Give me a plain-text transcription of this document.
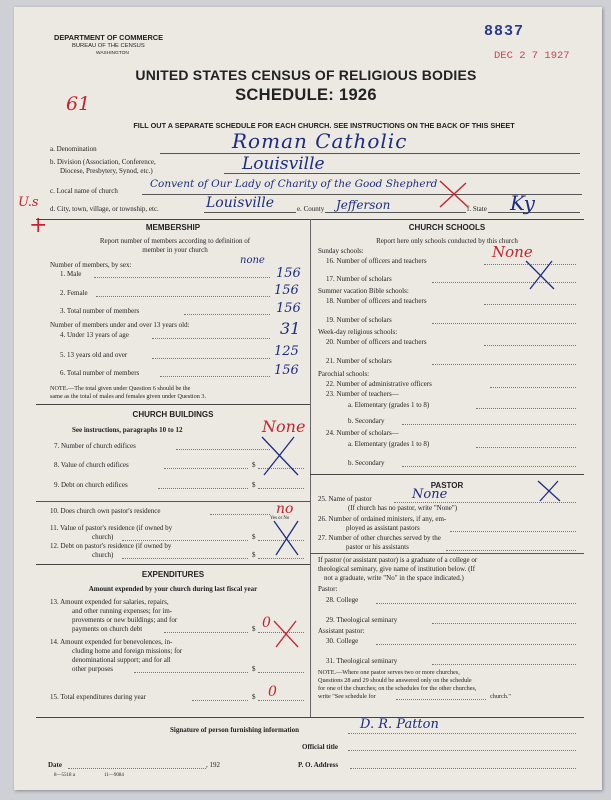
DEPARTMENT OF COMMERCE
BUREAU OF THE CENSUS
WASHINGTON
8837
DEC 2 7 1927
UNITED STATES CENSUS OF RELIGIOUS BODIES
SCHEDULE: 1926
61
FILL OUT A SEPARATE SCHEDULE FOR EACH CHURCH. SEE INSTRUCTIONS ON THE BACK OF THIS SHEET
a. Denomination	Roman Catholic
b. Division (Association, Conference,
Diocese, Presbytery, Synod, etc.)	Louisville
U.s
+
c. Local name of church
Convent of Our Lady of Charity of the Good Shepherd
d. City, town, village, or township, etc.	Louisville	e. County Jefferson	f. State Ky
MEMBERSHIP
Report number of members according to definition of
member in your church
Number of members, by sex:	none
1. Male	156
2. Female	156
3. Total number of members	156
Number of members under and over 13 years old:
4. Under 13 years of age	31
5. 13 years old and over	125
6. Total number of members	156
NOTE.—The total given under Question 6 should be the
same as the total of males and females given under Question 3.
CHURCH BUILDINGS
See instructions, paragraphs 10 to 12	None
7. Number of church edifices
8. Value of church edifices	$
9. Debt on church edifices	$
10. Does church own pastor's residence	no
Yes or No
11. Value of pastor's residence (if owned by
church)	$
12. Debt on pastor's residence (if owned by
church)	$
EXPENDITURES
Amount expended by your church during last fiscal year
13. Amount expended for salaries, repairs,
and other running expenses; for im-
provements or new buildings; and for
payments on church debt	$ 0
14. Amount expended for benevolences, in-
cluding home and foreign missions; for
denominational support; and for all
other purposes	$
15. Total expenditures during year	$ 0
CHURCH SCHOOLS
Report here only schools conducted by this church
Sunday schools:	None
16. Number of officers and teachers
17. Number of scholars
Summer vacation Bible schools:
18. Number of officers and teachers
19. Number of scholars
Week-day religious schools:
20. Number of officers and teachers
21. Number of scholars
Parochial schools:
22. Number of administrative officers
23. Number of teachers—
a. Elementary (grades 1 to 8)
b. Secondary
24. Number of scholars—
a. Elementary (grades 1 to 8)
b. Secondary
PASTOR
25. Name of pastor	None
(If church has no pastor, write "None")
26. Number of ordained ministers, if any, em-
ployed as assistant pastors
27. Number of other churches served by the
pastor or his assistants
If pastor (or assistant pastor) is a graduate of a college or
theological seminary, give name of institution below. (If
not a graduate, write "No" in the space indicated.)
Pastor:
28. College
29. Theological seminary
Assistant pastor:
30. College
31. Theological seminary
NOTE.—Where one pastor serves two or more churches,
Questions 28 and 29 should be answered only on the schedule
for one of the churches; on the schedules for the other churches,
write "See schedule for	church."
Signature of person furnishing information	D. R. Patton
Official title
Date	, 192	P. O. Address
8—5518 a	11—9084
